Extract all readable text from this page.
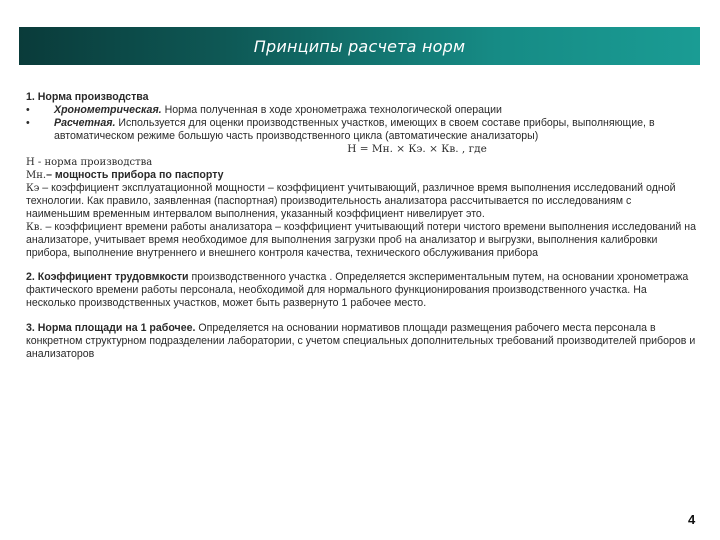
Принципы расчета норм

1. Норма производства

• Хронометрическая. Норма полученная в ходе хронометража технологической операции
• Расчетная. Используется для оценки производственных участков, имеющих в своем составе приборы, выполняющие, в автоматическом режиме большую часть производственного цикла (автоматические анализаторы)

Н = Мн. × Кэ. × Кв. , где

Н - норма производства

Мн.– мощность прибора по паспорту

Кэ – коэффициент эксплуатационной мощности – коэффициент учитывающий, различное время выполнения исследований одной технологии. Как правило, заявленная (паспортная) производительность анализатора рассчитывается по исследованиям с наименьшим временным интервалом выполнения, указанный коэффициент нивелирует это.

Кв. – коэффициент времени работы анализатора – коэффициент учитывающий потери чистого времени выполнения исследований на анализаторе, учитывает время необходимое для выполнения загрузки проб на анализатор и выгрузки, выполнения калибровки прибора, выполнение внутреннего и внешнего контроля качества, технического обслуживания прибора

2. Коэффициент трудовмкости производственного участка . Определяется экспериментальным путем, на основании хронометража фактического времени работы персонала, необходимой для нормального функционирования производственного участка. На несколько производственных участков, может быть развернуто 1 рабочее место.

3. Норма площади на 1 рабочее. Определяется на основании нормативов площади размещения рабочего места персонала в конкретном структурном подразделении лаборатории, с учетом специальных дополнительных требований производителей приборов и анализаторов

4
